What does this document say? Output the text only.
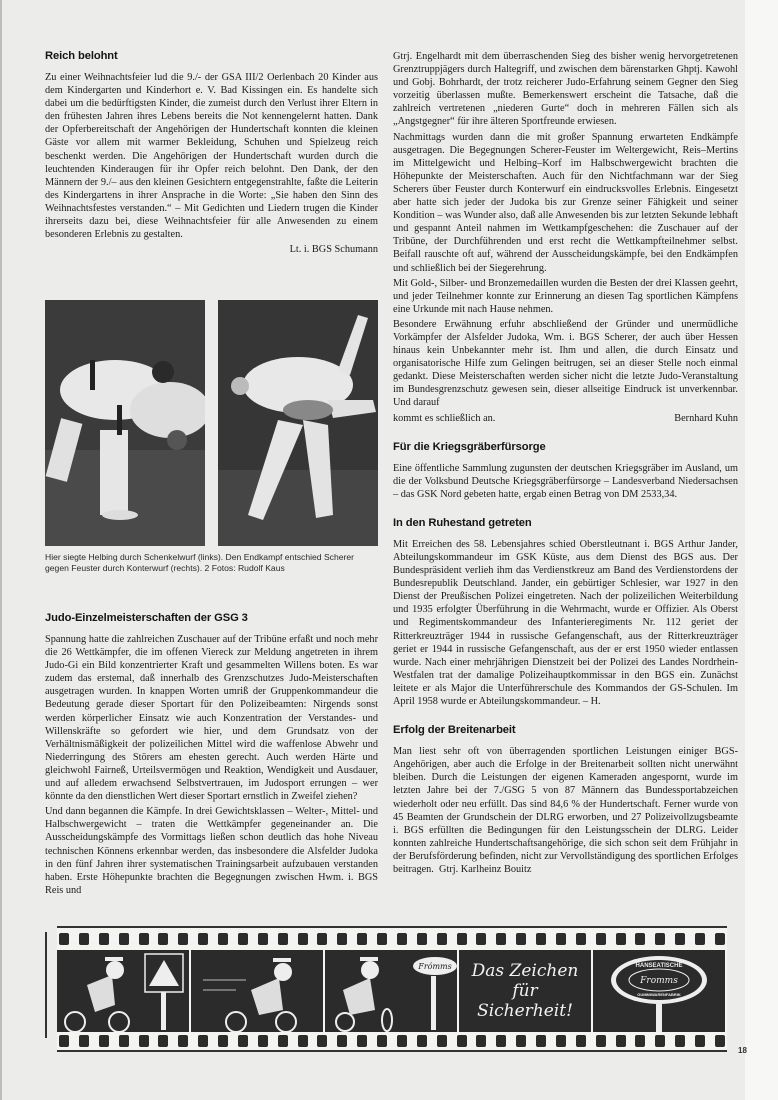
Reich belohnt

Zu einer Weihnachtsfeier lud die 9./- der GSA III/2 Oerlenbach 20 Kinder aus dem Kindergarten und Kinderhort e. V. Bad Kissingen ein. Es handelte sich dabei um die bedürftigsten Kinder, die zumeist durch den Verlust ihrer Eltern in den frühesten Jahren ihres Lebens bereits die Not kennengelernt hatten. Dank der Opferbereitschaft der Angehörigen der Hundertschaft konnten die kleinen Gäste vor allem mit warmer Bekleidung, Schuhen und Spielzeug reich beschenkt werden. Die Angehörigen der Hundertschaft wurden durch die leuchtenden Kinderaugen für ihr Opfer reich belohnt. Den Dank, der den Männern der 9./– aus den kleinen Gesichtern entgegenstrahlte, faßte die Leiterin des Kindergartens in ihrer Ansprache in die Worte: „Sie haben den Sinn des Weihnachtsfestes verstanden.“ – Mit Gedichten und Liedern trugen die Kinder ihrerseits dazu bei, diese Weihnachtsfeier für alle Anwesenden zu einem besonderen Erlebnis zu gestalten.

Lt. i. BGS Schumann
Hier siegte Helbing durch Schenkelwurf (links). Den Endkampf entschied Scherer gegen Feuster durch Konterwurf (rechts). 2 Fotos: Rudolf Kaus
Judo-Einzelmeisterschaften der GSG 3

Spannung hatte die zahlreichen Zuschauer auf der Tribüne erfaßt und noch mehr die 26 Wettkämpfer, die im offenen Viereck zur Meldung angetreten in ihrem Judo-Gi ein Bild konzentrierter Kraft und gesammelten Willens boten. Es war zudem das erstemal, daß innerhalb des Grenzschutzes Judo-Meisterschaften ausgetragen wurden. In knappen Worten umriß der Gruppenkommandeur die Bedeutung gerade dieser Sportart für den Polizeibeamten: Nirgends sonst werden körperlicher Einsatz wie auch Konzentration der Verstandes- und Willenskräfte so gefordert wie hier, und dem Grundsatz von der Verhältnismäßigkeit der polizeilichen Mittel wird die waffenlose Abwehr und Niederringung des Störers am ehesten gerecht. Auch werden Härte und gleichwohl Fairneß, Urteilsvermögen und Reaktion, Wendigkeit und Ausdauer, und auf alledem erwachsend Selbstvertrauen, im Judosport errungen – wer könnte da den dienstlichen Wert dieser Sportart ernstlich in Zweifel ziehen?

Und dann begannen die Kämpfe. In drei Gewichtsklassen – Welter-, Mittel- und Halbschwergewicht – traten die Wettkämpfer gegeneinander an. Die Ausscheidungskämpfe des Vormittags ließen schon deutlich das hohe Niveau technischen Könnens erkennbar werden, das insbesondere die Alsfelder Judoka in den fünf Jahren ihrer systematischen Trainingsarbeit aufzubauen verstanden haben. Erste Höhepunkte brachten die Begegnungen zwischen Hwm. i. BGS Reis und

Gtrj. Engelhardt mit dem überraschenden Sieg des bisher wenig hervorgetretenen Grenztruppjägers durch Haltegriff, und zwischen dem bärenstarken Ghptj. Kawohl und Gobj. Bohrhardt, der trotz reicherer Judo-Erfahrung seinem Gegner den Sieg vorzeitig überlassen mußte. Bemerkenswert erscheint die Tatsache, daß die zahlreich vertretenen „niederen Gurte“ doch in mehreren Fällen sich als „Angstgegner“ für ihre älteren Sportfreunde erwiesen.

Nachmittags wurden dann die mit großer Spannung erwarteten Endkämpfe ausgetragen. Die Begegnungen Scherer-Feuster im Weltergewicht, Reis–Mertins im Mittelgewicht und Helbing–Korf im Halbschwergewicht brachten die Höhepunkte der Meisterschaften. Auch für den Nichtfachmann war der Sieg Scherers über Feuster durch Konterwurf ein eindrucksvolles Erlebnis. Eingesetzt aber hatte sich jeder der Judoka bis zur Grenze seiner Fähigkeit und seiner Kondition – was Wunder also, daß alle Anwesenden bis zur letzten Sekunde lebhaft und gespannt Anteil nahmen im Wettkampfgeschehen: die Zuschauer auf der Tribüne, der Durchführenden und erst recht die Wettkampfteilnehmer selbst. Beifall rauschte oft auf, während der Ausscheidungskämpfe, bei den Endkämpfen und schließlich bei der Siegerehrung.

Mit Gold-, Silber- und Bronzemedaillen wurden die Besten der drei Klassen geehrt, und jeder Teilnehmer konnte zur Erinnerung an diesen Tag sportlichen Kämpfens eine Urkunde mit nach Hause nehmen.

Besondere Erwähnung erfuhr abschließend der Gründer und unermüdliche Vorkämpfer der Alsfelder Judoka, Wm. i. BGS Scherer, der auch über Hessen hinaus kein Unbekannter mehr ist. Ihm und allen, die durch Einsatz und organisatorische Hilfe zum Gelingen beitrugen, sei an dieser Stelle noch einmal gedankt. Diese Meisterschaften werden sicher nicht die letzte Judo-Veranstaltung im Bundesgrenzschutz gewesen sein, dieser allseitige Eindruck ist unverkennbar. Und darauf

kommt es schließlich an.	Bernhard Kuhn
Für die Kriegsgräberfürsorge

Eine öffentliche Sammlung zugunsten der deutschen Kriegsgräber im Ausland, um die der Volksbund Deutsche Kriegsgräberfürsorge – Landesverband Niedersachsen – das GSK Nord gebeten hatte, ergab einen Betrag von DM 2533,34.

In den Ruhestand getreten

Mit Erreichen des 58. Lebensjahres schied Oberstleutnant i. BGS Arthur Jander, Abteilungskommandeur im GSK Küste, aus dem Dienst des BGS aus. Der Bundespräsident verlieh ihm das Verdienstkreuz am Band des Verdienstordens der Bundesrepublik Deutschland. Jander, ein gebürtiger Schlesier, war 1927 in den Dienst der Preußischen Polizei eingetreten. Nach der polizeilichen Weiterbildung und 1935 erfolgter Überführung in die Wehrmacht, wurde er Offizier. Als Oberst und Regimentskommandeur des Infanterieregiments Nr. 112 geriet der Ritterkreuzträger 1944 in russische Gefangenschaft, aus der Ritterkreuzträger geriet er 1944 in russische Gefangenschaft, aus der er erst 1950 wieder entlassen wurde. Nach einer mehrjährigen Dienstzeit bei der Polizei des Landes Nordrhein-Westfalen trat der damalige Polizeihauptkommissar in den BGS ein. Zunächst leitete er als Major die Unterführerschule des Kommandos der GS-Schulen. Im April 1958 wurde er Abteilungskommandeur. – H.

Erfolg der Breitenarbeit

Man liest sehr oft von überragenden sportlichen Leistungen einiger BGS-Angehörigen, aber auch die Erfolge in der Breitenarbeit sollten nicht unerwähnt bleiben. Durch die Leistungen der eigenen Kameraden angespornt, wurde im letzten Jahre bei der 7./GSG 5 von 87 Männern das Bundessportabzeichen wiederholt oder neu erfüllt. Das sind 84,6 % der Hundertschaft. Ferner wurde von 45 Beamten der Grundschein der DLRG erworben, und 27 Polizeivollzugsbeamte i. BGS erfüllten die Bedingungen für den Leistungsschein der DLRG. Leider konnten zahlreiche Hundertschaftsangehörige, die sich schon seit dem Frühjahr in der Berufsförderung befinden, nicht zur Vervollständigung des sportlichen Erfolges beitragen. Gtrj. Karlheinz Bouitz

Frómms Das Zeichen
für
Sicherheit!
HANSEATISCHE
Fromms
GUMMIWARENFABRIK
18
